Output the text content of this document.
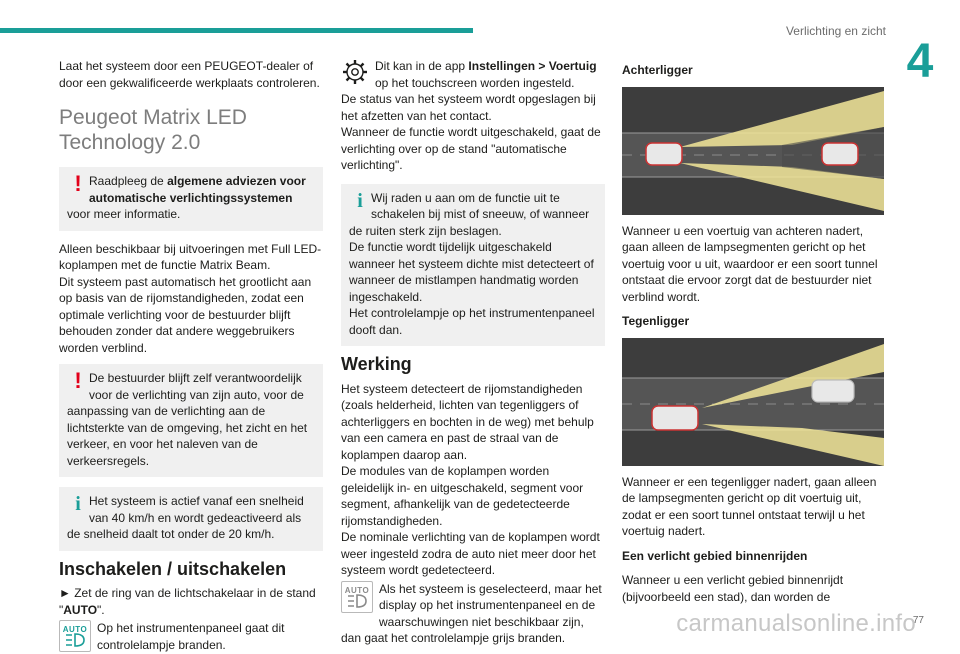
Verlichting en zicht
4

Laat het systeem door een PEUGEOT-dealer of door een gekwalificeerde werkplaats controleren.

Peugeot Matrix LED Technology 2.0
! Raadpleeg de algemene adviezen voor automatische verlichtingssystemen voor meer informatie.

Alleen beschikbaar bij uitvoeringen met Full LED-koplampen met de functie Matrix Beam.
Dit systeem past automatisch het grootlicht aan op basis van de rijomstandigheden, zodat een optimale verlichting voor de bestuurder blijft behouden zonder dat andere weggebruikers worden verblind.

! De bestuurder blijft zelf verantwoordelijk voor de verlichting van zijn auto, voor de aanpassing van de verlichting aan de lichtsterkte van de omgeving, het zicht en het verkeer, en voor het naleven van de verkeersregels.
i Het systeem is actief vanaf een snelheid van 40 km/h en wordt gedeactiveerd als de snelheid daalt tot onder de 20 km/h.
Inschakelen / uitschakelen

► Zet de ring van de lichtschakelaar in de stand "AUTO".

AUTO Op het instrumentenpaneel gaat dit controlelampje branden.
Dit kan in de app Instellingen > Voertuig op het touchscreen worden ingesteld.

De status van het systeem wordt opgeslagen bij het afzetten van het contact.
Wanneer de functie wordt uitgeschakeld, gaat de verlichting over op de stand "automatische verlichting".

i Wij raden u aan om de functie uit te schakelen bij mist of sneeuw, of wanneer de ruiten sterk zijn beslagen.
De functie wordt tijdelijk uitgeschakeld wanneer het systeem dichte mist detecteert of wanneer de mistlampen handmatig worden ingeschakeld.
Het controlelampje op het instrumentenpaneel dooft dan.
Werking

Het systeem detecteert de rijomstandigheden (zoals helderheid, lichten van tegenliggers of achterliggers en bochten in de weg) met behulp van een camera en past de straal van de koplampen daarop aan.
De modules van de koplampen worden geleidelijk in- en uitgeschakeld, segment voor segment, afhankelijk van de gedetecteerde rijomstandigheden.
De nominale verlichting van de koplampen wordt weer ingesteld zodra de auto niet meer door het systeem wordt gedetecteerd.

AUTO Als het systeem is geselecteerd, maar het display op het instrumentenpaneel en de waarschuwingen niet beschikbaar zijn, dan gaat het controlelampje grijs branden.
Achterligger

Wanneer u een voertuig van achteren nadert, gaan alleen de lampsegmenten gericht op het voertuig voor u uit, waardoor er een soort tunnel ontstaat die ervoor zorgt dat de bestuurder niet verblind wordt.

Tegenligger

Wanneer er een tegenligger nadert, gaan alleen de lampsegmenten gericht op dit voertuig uit, zodat er een soort tunnel ontstaat terwijl u het voertuig nadert.

Een verlicht gebied binnenrijden

Wanneer u een verlicht gebied binnenrijdt (bijvoorbeeld een stad), dan worden de

carmanualsonline.info
77
